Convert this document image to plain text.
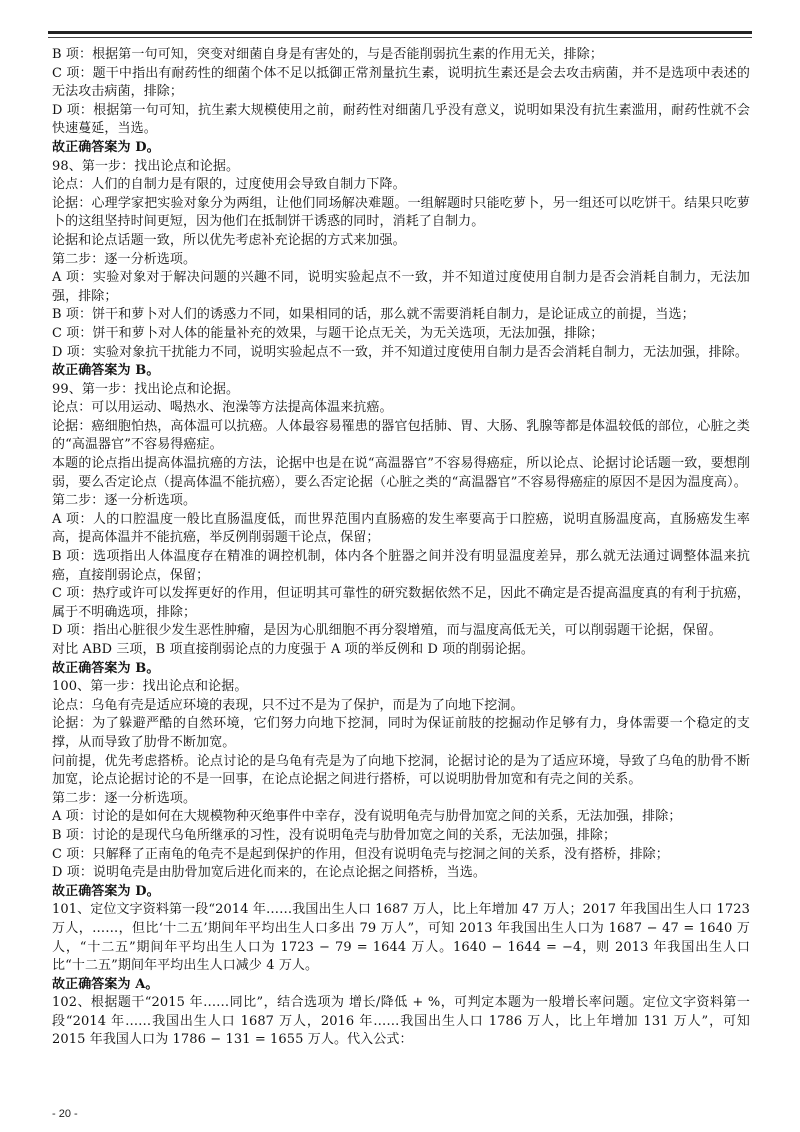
B 项：根据第一句可知，突变对细菌自身是有害处的，与是否能削弱抗生素的作用无关，排除；

C 项：题干中指出有耐药性的细菌个体不足以抵御正常剂量抗生素，说明抗生素还是会去攻击病菌，并不是选项中表述的无法攻击病菌，排除；

D 项：根据第一句可知，抗生素大规模使用之前，耐药性对细菌几乎没有意义，说明如果没有抗生素滥用，耐药性就不会快速蔓延，当选。

故正确答案为 D。

98、第一步：找出论点和论据。

论点：人们的自制力是有限的，过度使用会导致自制力下降。

论据：心理学家把实验对象分为两组，让他们同场解决难题。一组解题时只能吃萝卜，另一组还可以吃饼干。结果只吃萝卜的这组坚持时间更短，因为他们在抵制饼干诱惑的同时，消耗了自制力。

论据和论点话题一致，所以优先考虑补充论据的方式来加强。

第二步：逐一分析选项。

A 项：实验对象对于解决问题的兴趣不同，说明实验起点不一致，并不知道过度使用自制力是否会消耗自制力，无法加强，排除；

B 项：饼干和萝卜对人们的诱惑力不同，如果相同的话，那么就不需要消耗自制力，是论证成立的前提，当选；

C 项：饼干和萝卜对人体的能量补充的效果，与题干论点无关，为无关选项，无法加强，排除；

D 项：实验对象抗干扰能力不同，说明实验起点不一致，并不知道过度使用自制力是否会消耗自制力，无法加强，排除。

故正确答案为 B。

99、第一步：找出论点和论据。

论点：可以用运动、喝热水、泡澡等方法提高体温来抗癌。

论据：癌细胞怕热，高体温可以抗癌。人体最容易罹患的器官包括肺、胃、大肠、乳腺等都是体温较低的部位，心脏之类的“高温器官”不容易得癌症。

本题的论点指出提高体温抗癌的方法，论据中也是在说“高温器官”不容易得癌症，所以论点、论据讨论话题一致，要想削弱，要么否定论点（提高体温不能抗癌），要么否定论据（心脏之类的“高温器官”不容易得癌症的原因不是因为温度高）。

第二步：逐一分析选项。

A 项：人的口腔温度一般比直肠温度低，而世界范围内直肠癌的发生率要高于口腔癌，说明直肠温度高，直肠癌发生率高，提高体温并不能抗癌，举反例削弱题干论点，保留；

B 项：选项指出人体温度存在精准的调控机制，体内各个脏器之间并没有明显温度差异，那么就无法通过调整体温来抗癌，直接削弱论点，保留；

C 项：热疗或许可以发挥更好的作用，但证明其可靠性的研究数据依然不足，因此不确定是否提高温度真的有利于抗癌，属于不明确选项，排除；

D 项：指出心脏很少发生恶性肿瘤，是因为心肌细胞不再分裂增殖，而与温度高低无关，可以削弱题干论据，保留。

对比 ABD 三项，B 项直接削弱论点的力度强于 A 项的举反例和 D 项的削弱论据。

故正确答案为 B。

100、第一步：找出论点和论据。

论点：乌龟有壳是适应环境的表现，只不过不是为了保护，而是为了向地下挖洞。

论据：为了躲避严酷的自然环境，它们努力向地下挖洞，同时为保证前肢的挖掘动作足够有力，身体需要一个稳定的支撑，从而导致了肋骨不断加宽。

问前提，优先考虑搭桥。论点讨论的是乌龟有壳是为了向地下挖洞，论据讨论的是为了适应环境，导致了乌龟的肋骨不断加宽，论点论据讨论的不是一回事，在论点论据之间进行搭桥，可以说明肋骨加宽和有壳之间的关系。

第二步：逐一分析选项。

A 项：讨论的是如何在大规模物种灭绝事件中幸存，没有说明龟壳与肋骨加宽之间的关系，无法加强，排除；

B 项：讨论的是现代乌龟所继承的习性，没有说明龟壳与肋骨加宽之间的关系，无法加强，排除；

C 项：只解释了正南龟的龟壳不是起到保护的作用，但没有说明龟壳与挖洞之间的关系，没有搭桥，排除；

D 项：说明龟壳是由肋骨加宽后进化而来的，在论点论据之间搭桥，当选。

故正确答案为 D。

101、定位文字资料第一段“2014 年……我国出生人口 1687 万人，比上年增加 47 万人；2017 年我国出生人口 1723 万人，……，但比‘十二五’期间年平均出生人口多出 79 万人”，可知 2013 年我国出生人口为 1687 − 47 = 1640 万人，“十二五”期间年平均出生人口为 1723 − 79 = 1644 万人。1640 − 1644 = −4，则 2013 年我国出生人口比“十二五”期间年平均出生人口减少 4 万人。

故正确答案为 A。

102、根据题干“2015 年……同比”，结合选项为 增长/降低 + %，可判定本题为一般增长率问题。定位文字资料第一段“2014 年……我国出生人口 1687 万人，2016 年……我国出生人口 1786 万人，比上年增加 131 万人”，可知 2015 年我国人口为 1786 − 131 = 1655 万人。代入公式：

- 20 -
